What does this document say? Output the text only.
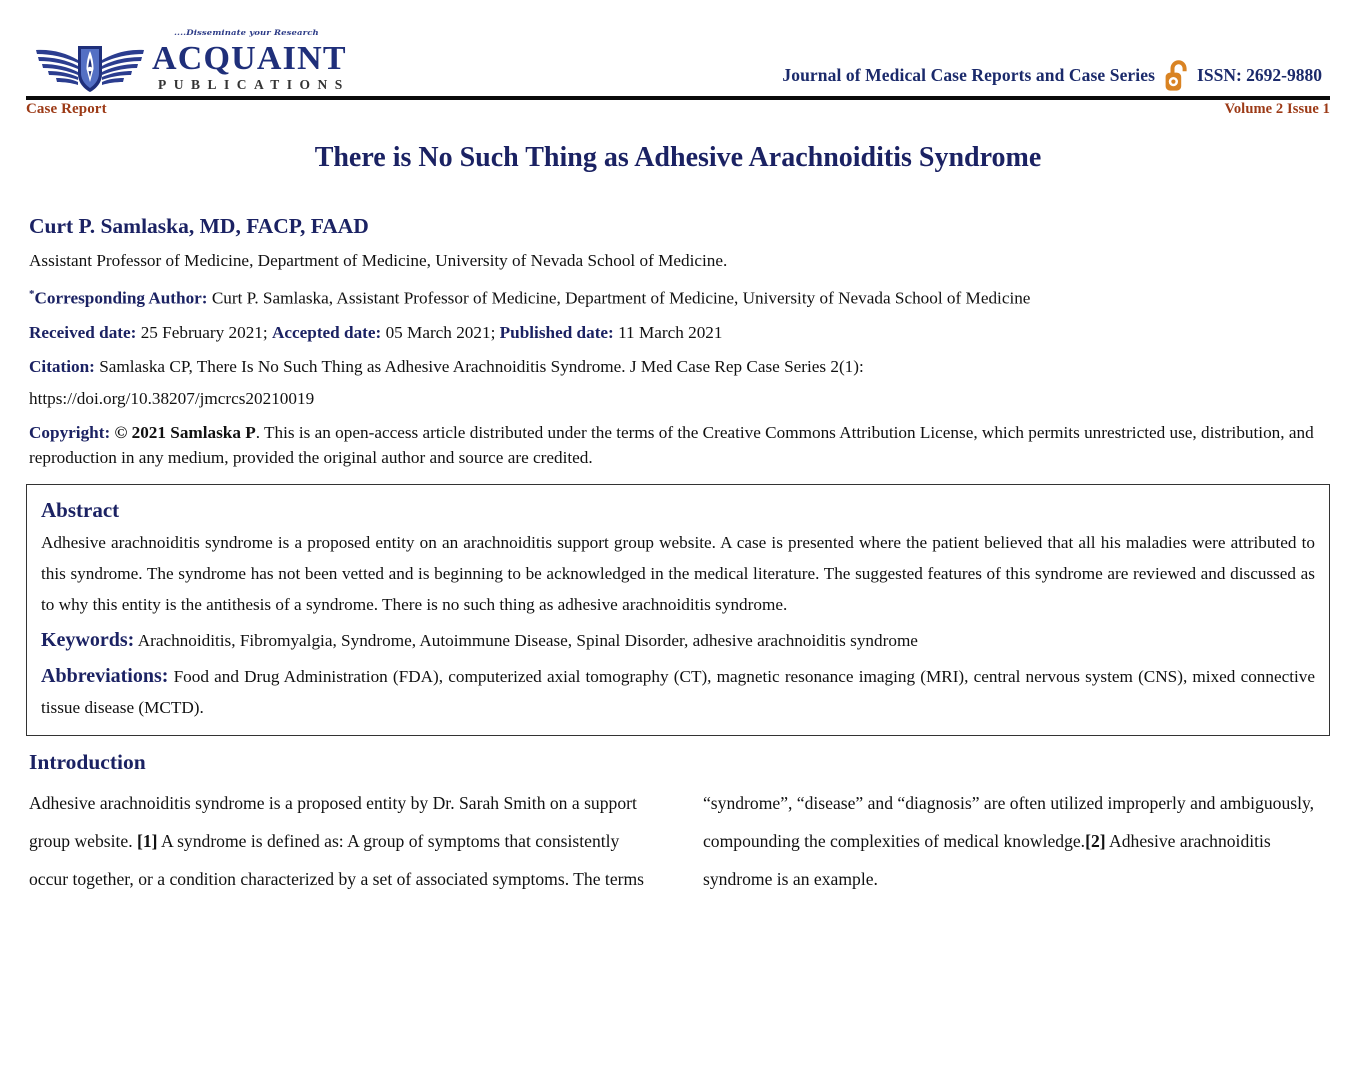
....Disseminate your Research
ACQUAINT
PUBLICATIONS	Journal of Medical Case Reports and Case Series ISSN: 2692-9880
Case Report	Volume 2 Issue 1
There is No Such Thing as Adhesive Arachnoiditis Syndrome
Curt P. Samlaska, MD, FACP, FAAD

Assistant Professor of Medicine, Department of Medicine, University of Nevada School of Medicine.

*Corresponding Author: Curt P. Samlaska, Assistant Professor of Medicine, Department of Medicine, University of Nevada School of Medicine

Received date: 25 February 2021; Accepted date: 05 March 2021; Published date: 11 March 2021

Citation: Samlaska CP, There Is No Such Thing as Adhesive Arachnoiditis Syndrome. J Med Case Rep Case Series 2(1):

https://doi.org/10.38207/jmcrcs20210019

Copyright: © 2021 Samlaska P. This is an open-access article distributed under the terms of the Creative Commons Attribution License, which permits unrestricted use, distribution, and reproduction in any medium, provided the original author and source are credited.

Abstract

Adhesive arachnoiditis syndrome is a proposed entity on an arachnoiditis support group website. A case is presented where the patient believed that all his maladies were attributed to this syndrome. The syndrome has not been vetted and is beginning to be acknowledged in the medical literature. The suggested features of this syndrome are reviewed and discussed as to why this entity is the antithesis of a syndrome. There is no such thing as adhesive arachnoiditis syndrome.

Keywords: Arachnoiditis, Fibromyalgia, Syndrome, Autoimmune Disease, Spinal Disorder, adhesive arachnoiditis syndrome

Abbreviations: Food and Drug Administration (FDA), computerized axial tomography (CT), magnetic resonance imaging (MRI), central nervous system (CNS), mixed connective tissue disease (MCTD).

Introduction

Adhesive arachnoiditis syndrome is a proposed entity by Dr. Sarah Smith on a support group website. [1] A syndrome is defined as: A group of symptoms that consistently occur together, or a condition characterized by a set of associated symptoms. The terms

“syndrome”, “disease” and “diagnosis” are often utilized improperly and ambiguously, compounding the complexities of medical knowledge.[2] Adhesive arachnoiditis syndrome is an example.
